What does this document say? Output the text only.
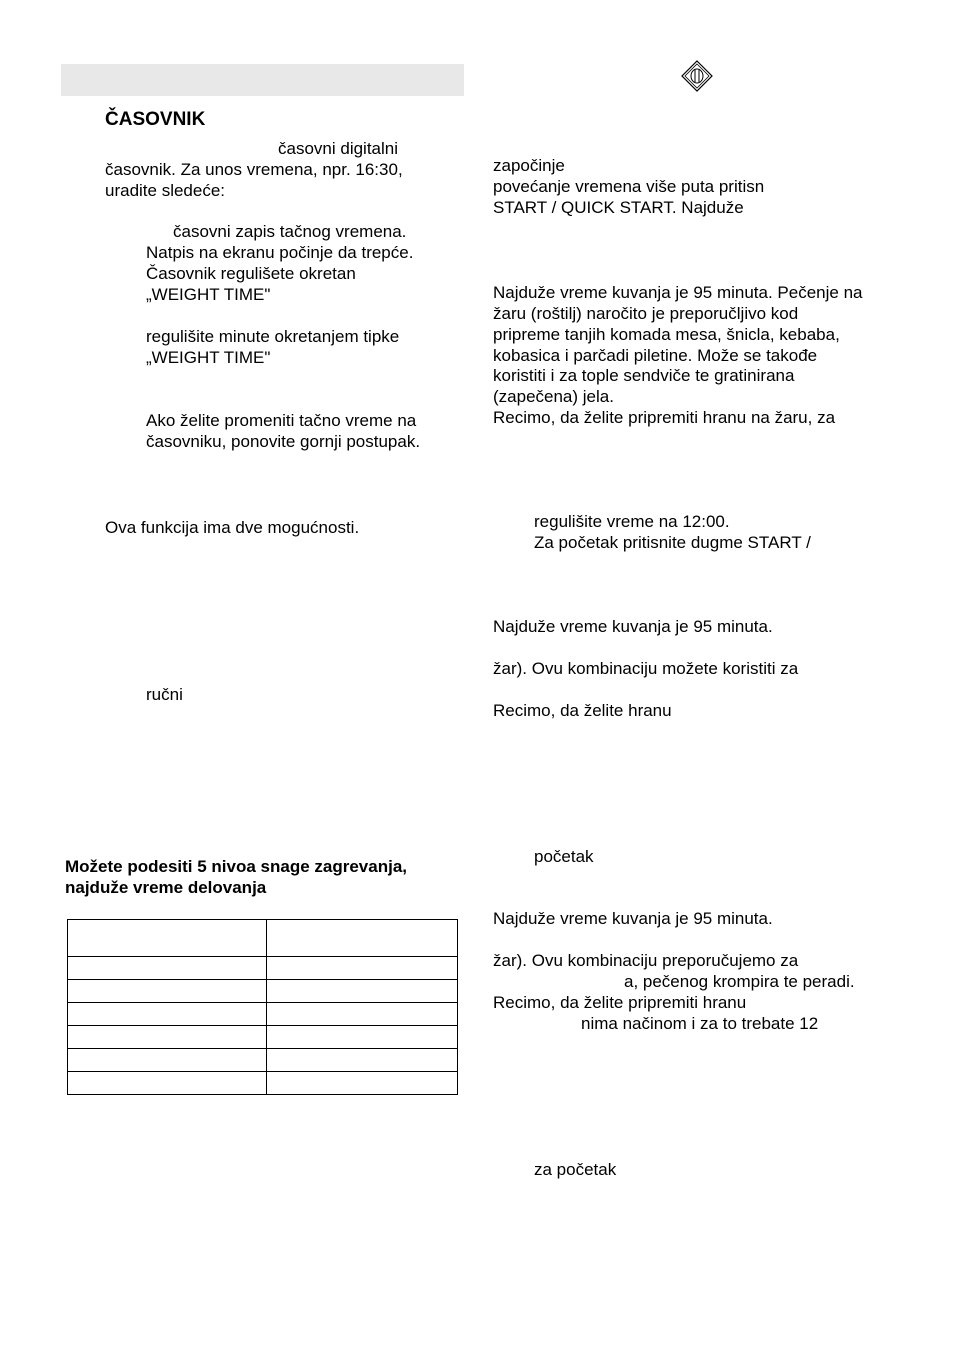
ČASOVNIK
časovni digitalni
časovnik. Za unos vremena, npr. 16:30,
uradite sledeće:
časovni zapis tačnog vremena.
Natpis na ekranu počinje da trepće.
Časovnik regulišete okretan
„WEIGHT TIME"
regulišite minute okretanjem tipke
„WEIGHT TIME"
Ako želite promeniti tačno vreme na
časovniku, ponovite gornji postupak.
Ova funkcija ima dve mogućnosti.
ručni
Možete podesiti 5 nivoa snage zagrevanja,
najduže vreme delovanja

započinje
povećanje vremena više puta pritisn
START / QUICK START. Najduže
Najduže vreme kuvanja je 95 minuta. Pečenje na
žaru (roštilj) naročito je preporučljivo kod
pripreme tanjih komada mesa, šnicla, kebaba,
kobasica i parčadi piletine. Može se takođe
koristiti i za tople sendviče te gratinirana
(zapečena) jela.
Recimo, da želite pripremiti hranu na žaru, za
regulišite vreme na 12:00.
Za početak pritisnite dugme START /
Najduže vreme kuvanja je 95 minuta.
žar). Ovu kombinaciju možete koristiti za
Recimo, da želite hranu
početak
Najduže vreme kuvanja je 95 minuta.
žar). Ovu kombinaciju preporučujemo za
a, pečenog krompira te peradi.
Recimo, da želite pripremiti hranu
nima načinom i za to trebate 12
za početak
